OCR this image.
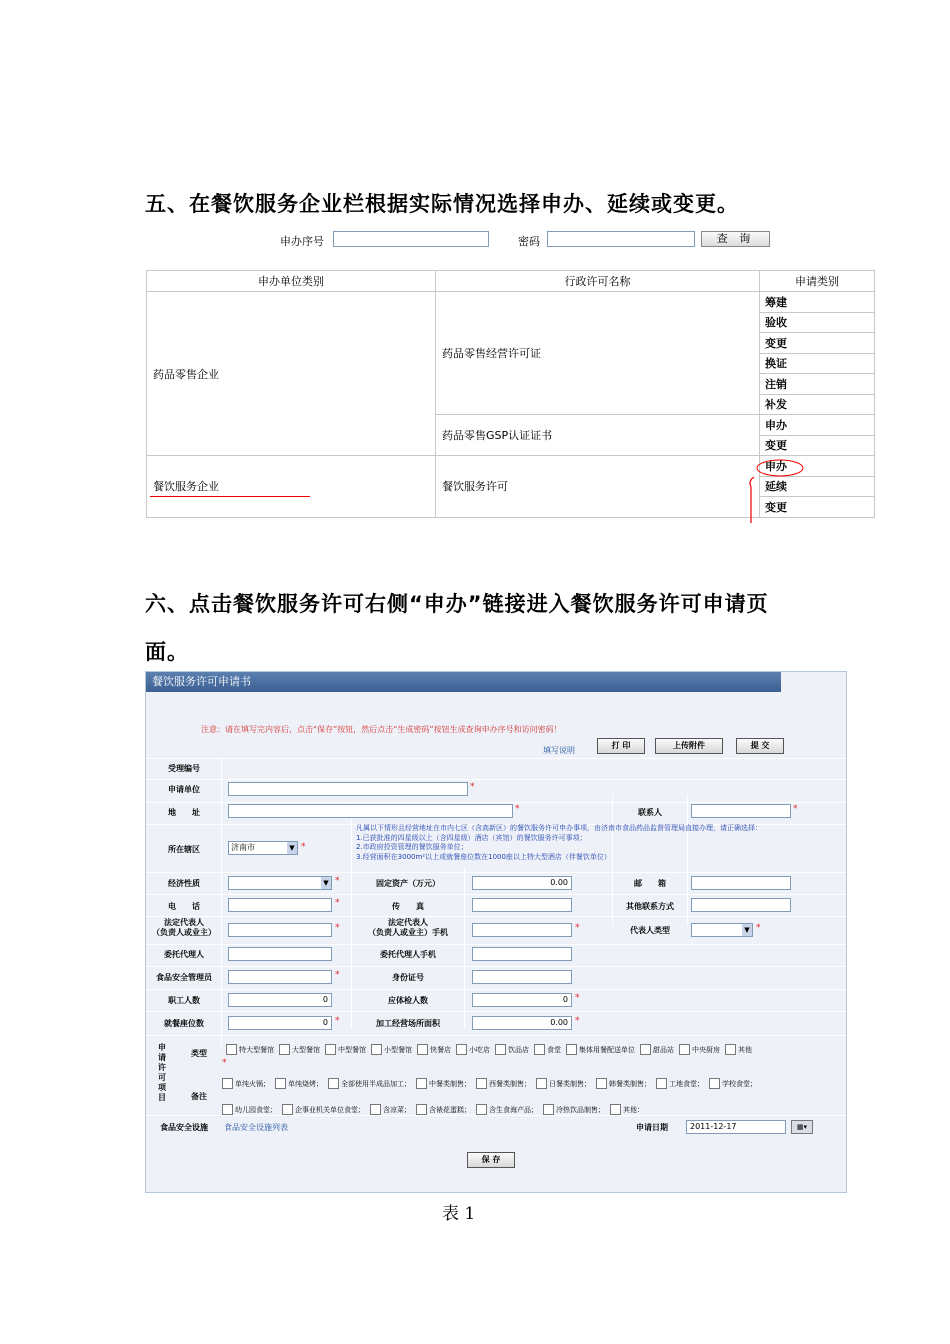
五、在餐饮服务企业栏根据实际情况选择申办、延续或变更。
申办序号	密码	查 询
申办单位类别	行政许可名称	申请类别
药品零售企业	药品零售经营许可证	筹建
		验收
		变更
		换证
		注销
		补发
	药品零售GSP认证证书	申办
		变更
餐饮服务企业	餐饮服务许可	申办
		延续
		变更
六、点击餐饮服务许可右侧“申办”链接进入餐饮服务许可申请页
面。
餐饮服务许可申请书
注意：请在填写完内容后，点击“保存”按钮，然后点击“生成密码”按钮生成查询申办序号和访问密码！
填写说明
打 印	上传附件	提 交
受理编号
申请单位	*
地　　址	*	联系人	*
所在辖区	济南市	▼ *
凡属以下情形且经营地址在市内七区（含高新区）的餐饮服务许可申办事项，由济南市食品药品监督管理局直接办理，请正确选择：
1.已获批准的四星级以上（含四星级）酒店（宾馆）的餐饮服务许可事项；
2.市政府投资管理的餐饮服务单位；
3.经营面积在3000m²以上或就餐座位数在1000座以上特大型酒店（伴餐饮单位）
经济性质	▼ *	固定资产（万元）	0.00	邮　　箱
电　　话	*	传　　真	其他联系方式
法定代表人
（负责人或业主）	*
法定代表人
（负责人或业主）手机	*	代表人类型	▼ *
委托代理人	委托代理人手机
食品安全管理员	*	身份证号
职工人数	0	应体检人数	0 *
就餐座位数	0 *	加工经营场所面积	0.00 *
申请许可项目
类型	特大型餐馆	大型餐馆	中型餐馆	小型餐馆	快餐店	小吃店	饮品店	食堂	集体用餐配送单位	甜品站	中央厨房	其他
*
备注
单纯火锅；	单纯烧烤；	全部使用半成品加工；	中餐类制售；	西餐类制售；	日餐类制售；	韩餐类制售；	工地食堂；	学校食堂；
幼儿园食堂；	企事业机关单位食堂；	含凉菜；	含裱花蛋糕；	含生食海产品；	冷热饮品制售；	其他：
食品安全设施	食品安全设施列表	申请日期	2011-12-17	▦▾
保 存
表 1
